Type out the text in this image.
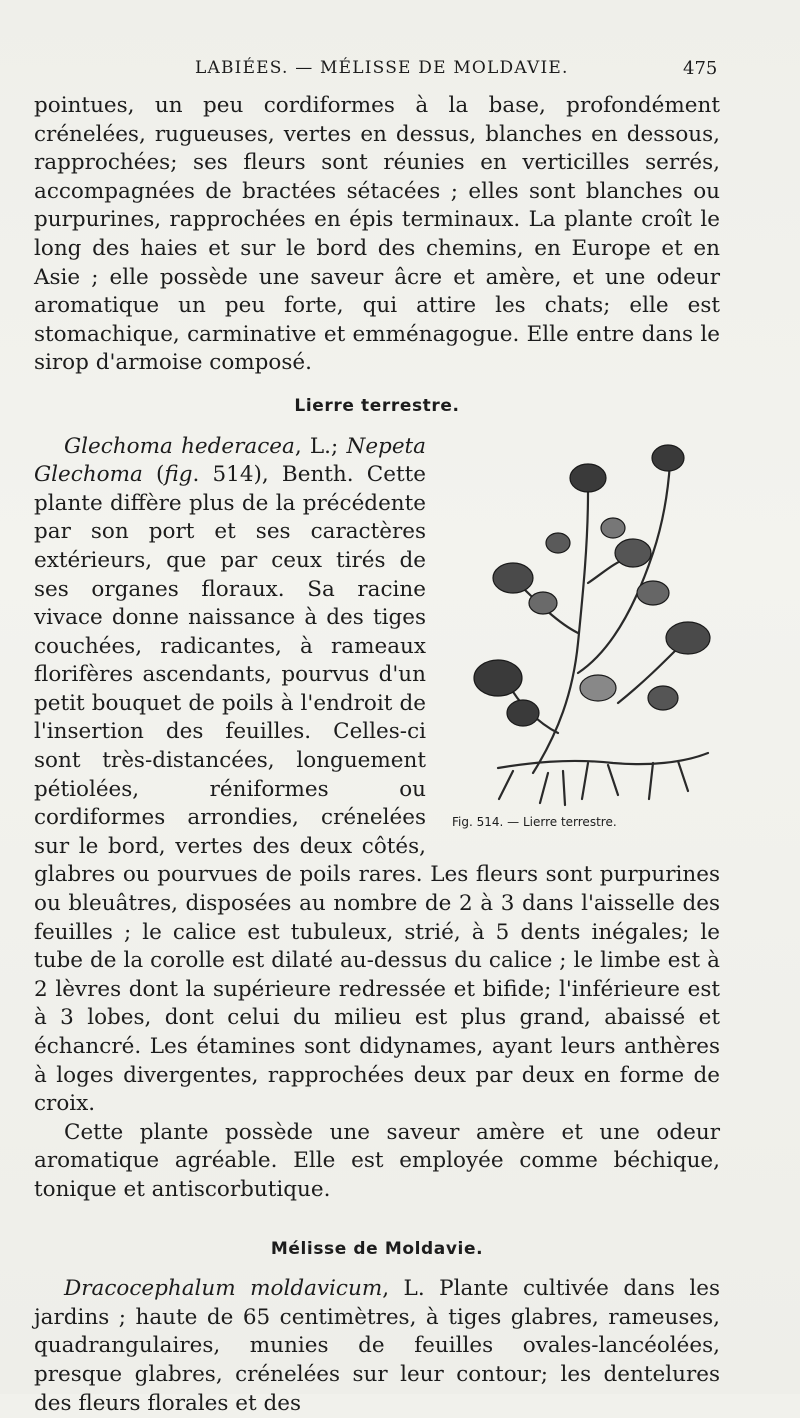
LABIÉES. — MÉLISSE DE MOLDAVIE.	475

pointues, un peu cordiformes à la base, profondément crénelées, rugueuses, vertes en dessus, blanches en dessous, rapprochées; ses fleurs sont réunies en verticilles serrés, accompagnées de bractées sétacées ; elles sont blanches ou purpurines, rapprochées en épis terminaux. La plante croît le long des haies et sur le bord des chemins, en Europe et en Asie ; elle possède une saveur âcre et amère, et une odeur aromatique un peu forte, qui attire les chats; elle est stomachique, carminative et emménagogue. Elle entre dans le sirop d'armoise composé.

Lierre terrestre.
Fig. 514. — Lierre terrestre.

Glechoma hederacea, L.; Nepeta Glechoma (fig. 514), Benth. Cette plante diffère plus de la précédente par son port et ses caractères extérieurs, que par ceux tirés de ses organes floraux. Sa racine vivace donne naissance à des tiges couchées, radicantes, à rameaux florifères ascendants, pourvus d'un petit bouquet de poils à l'endroit de l'insertion des feuilles. Celles-ci sont très-distancées, longuement pétiolées, réniformes ou cordiformes arrondies, crénelées sur le bord, vertes des deux côtés, glabres ou pourvues de poils rares. Les fleurs sont purpurines ou bleuâtres, disposées au nombre de 2 à 3 dans l'aisselle des feuilles ; le calice est tubuleux, strié, à 5 dents inégales; le tube de la corolle est dilaté au-dessus du calice ; le limbe est à 2 lèvres dont la supérieure redressée et bifide; l'inférieure est à 3 lobes, dont celui du milieu est plus grand, abaissé et échancré. Les étamines sont didynames, ayant leurs anthères à loges divergentes, rapprochées deux par deux en forme de croix.

Cette plante possède une saveur amère et une odeur aromatique agréable. Elle est employée comme béchique, tonique et antiscorbutique.

Mélisse de Moldavie.

Dracocephalum moldavicum, L. Plante cultivée dans les jardins ; haute de 65 centimètres, à tiges glabres, rameuses, quadrangulaires, munies de feuilles ovales-lancéolées, presque glabres, crénelées sur leur contour; les dentelures des fleurs florales et des
